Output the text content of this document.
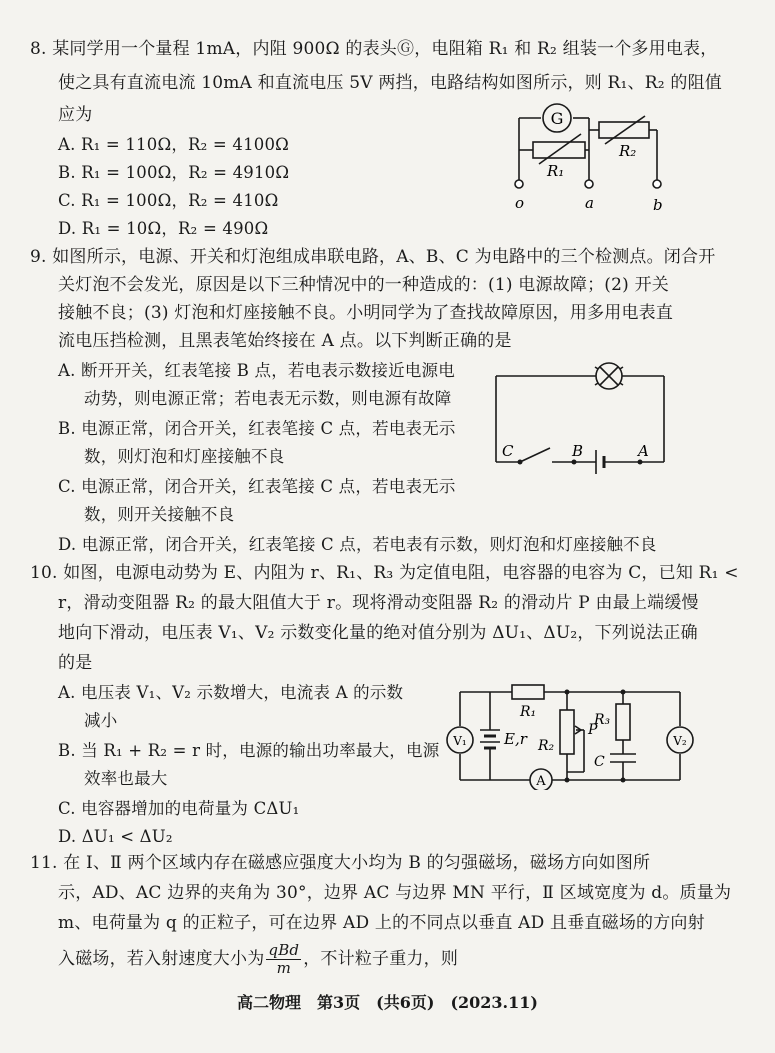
8. 某同学用一个量程 1mA，内阻 900Ω 的表头Ⓖ，电阻箱 R₁ 和 R₂ 组装一个多用电表，
使之具有直流电流 10mA 和直流电压 5V 两挡，电路结构如图所示，则 R₁、R₂ 的阻值
应为
A. R₁ = 110Ω，R₂ = 4100Ω
B. R₁ = 100Ω，R₂ = 4910Ω
C. R₁ = 100Ω，R₂ = 410Ω
D. R₁ = 10Ω，R₂ = 490Ω
G
R₁
R₂
o	a	b
9. 如图所示，电源、开关和灯泡组成串联电路，A、B、C 为电路中的三个检测点。闭合开
关灯泡不会发光，原因是以下三种情况中的一种造成的：(1) 电源故障；(2) 开关
接触不良；(3) 灯泡和灯座接触不良。小明同学为了查找故障原因，用多用电表直
流电压挡检测，且黑表笔始终接在 A 点。以下判断正确的是
A. 断开开关，红表笔接 B 点，若电表示数接近电源电
动势，则电源正常；若电表无示数，则电源有故障
B. 电源正常，闭合开关，红表笔接 C 点，若电表无示
数，则灯泡和灯座接触不良
C. 电源正常，闭合开关，红表笔接 C 点，若电表无示
数，则开关接触不良
D. 电源正常，闭合开关，红表笔接 C 点，若电表有示数，则灯泡和灯座接触不良
C	B	A
10. 如图，电源电动势为 E、内阻为 r、R₁、R₃ 为定值电阻，电容器的电容为 C，已知 R₁ <
r，滑动变阻器 R₂ 的最大阻值大于 r。现将滑动变阻器 R₂ 的滑动片 P 由最上端缓慢
地向下滑动，电压表 V₁、V₂ 示数变化量的绝对值分别为 ΔU₁、ΔU₂，下列说法正确
的是
A. 电压表 V₁、V₂ 示数增大，电流表 A 的示数
减小
B. 当 R₁ + R₂ = r 时，电源的输出功率最大，电源
效率也最大
C. 电容器增加的电荷量为 CΔU₁
D. ΔU₁ < ΔU₂
V₁	V₂
A
E,r
R₁
R₂
P
R₃
C
11. 在 Ⅰ、Ⅱ 两个区域内存在磁感应强度大小均为 B 的匀强磁场，磁场方向如图所
示，AD、AC 边界的夹角为 30°，边界 AC 与边界 MN 平行，Ⅱ 区域宽度为 d。质量为
m、电荷量为 q 的正粒子，可在边界 AD 上的不同点以垂直 AD 且垂直磁场的方向射
入磁场，若入射速度大小为 $\frac{\text{qBd}}{m}$ ，不计粒子重力，则
高二物理　第3页　(共6页)　(2023.11)
